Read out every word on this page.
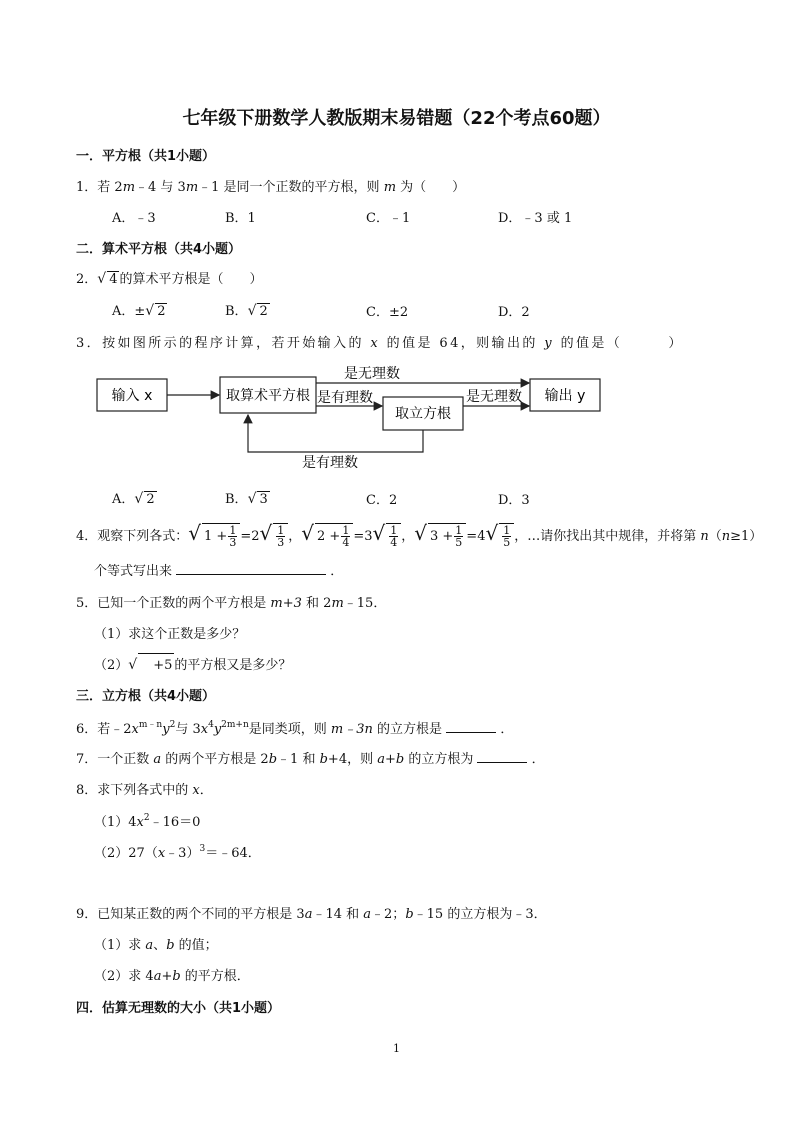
七年级下册数学人教版期末易错题（22个考点60题）
一．平方根（共1小题）
1．若 2m﹣4 与 3m﹣1 是同一个正数的平方根，则 m 为（　　）
A．﹣3	B．1	C．﹣1	D．﹣3 或 1
二．算术平方根（共4小题）
2．√ 4 的算术平方根是（　　）
A．±√ 2	B．√ 2	C．±2	D．2
3．按如图所示的程序计算，若开始输入的 x 的值是 64，则输出的 y 的值是（　　　）
输入 x	取算术平方根
取立方根
输出 y
是无理数
是有理数	是无理数
是有理数
A．√ 2	B．√ 3	C．2	D．3
4．观察下列各式：√ $1 + \frac{1}{3} =2√ \frac{1}{3}$ ，√ $2 + \frac{1}{4} =3√ \frac{1}{4}$ ，√ $3 + \frac{1}{5} =4√ \frac{1}{5}$ ，…请你找出其中规律，并将第 n（n≥1）
个等式写出来	．
5．已知一个正数的两个平方根是 m+3 和 2m﹣15．
（1）求这个正数是多少？
（2）√　+5 的平方根又是多少？
三．立方根（共4小题）
6．若$﹣2x^{m﹣n}y^2$与 $3x^4y^{2m+n}$是同类项，则 m﹣3n 的立方根是	．
7．一个正数 a 的两个平方根是 2b﹣1 和 b+4，则 a+b 的立方根为	．
8．求下列各式中的 x．
$(1)4x^2﹣16=0$
（2）27（x﹣3）$^3$＝﹣64．
9．已知某正数的两个不同的平方根是 3a﹣14 和 a﹣2；b﹣15 的立方根为﹣3．
（1）求 a、b 的值；
（2）求 4a+b 的平方根．
四．估算无理数的大小（共1小题）
1
